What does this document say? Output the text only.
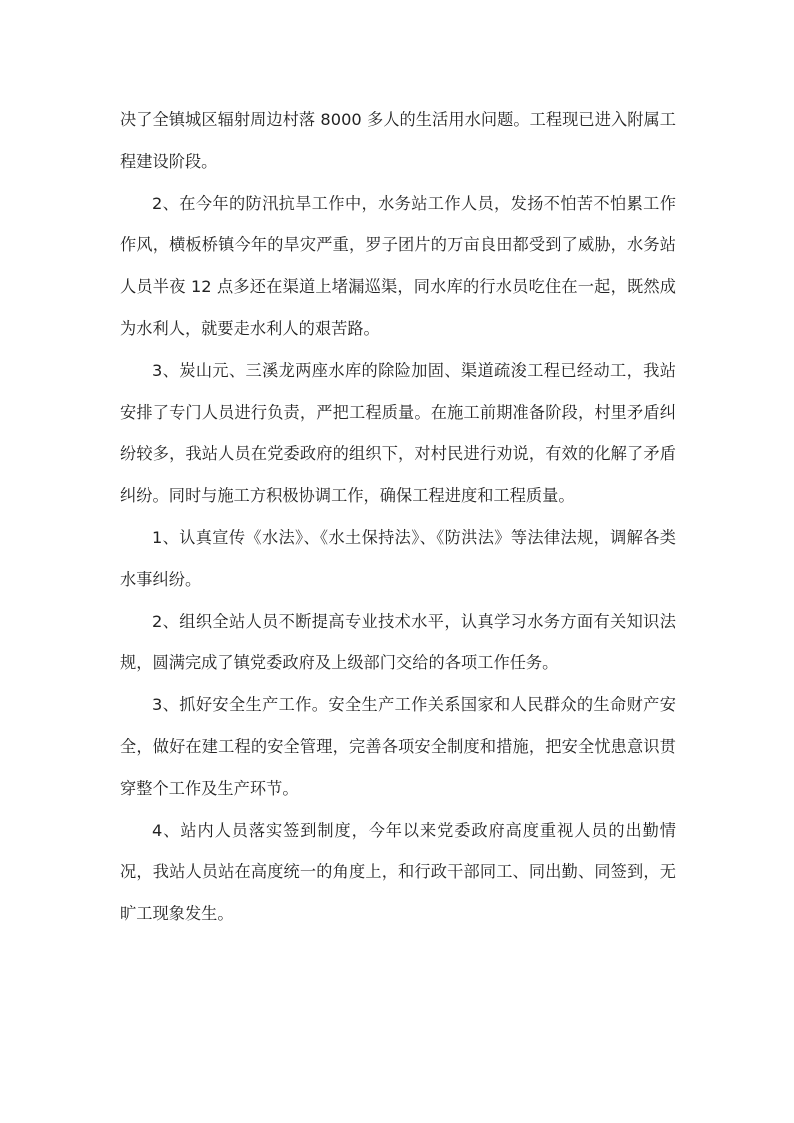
决了全镇城区辐射周边村落 8000 多人的生活用水问题。工程现已进入附属工程建设阶段。

2、在今年的防汛抗旱工作中，水务站工作人员，发扬不怕苦不怕累工作作风，横板桥镇今年的旱灾严重，罗子团片的万亩良田都受到了威胁，水务站人员半夜 12 点多还在渠道上堵漏巡渠，同水库的行水员吃住在一起，既然成为水利人，就要走水利人的艰苦路。

3、炭山元、三溪龙两座水库的除险加固、渠道疏浚工程已经动工，我站安排了专门人员进行负责，严把工程质量。在施工前期准备阶段，村里矛盾纠纷较多，我站人员在党委政府的组织下，对村民进行劝说，有效的化解了矛盾纠纷。同时与施工方积极协调工作，确保工程进度和工程质量。

1、认真宣传《水法》、《水土保持法》、《防洪法》等法律法规，调解各类水事纠纷。

2、组织全站人员不断提高专业技术水平，认真学习水务方面有关知识法规，圆满完成了镇党委政府及上级部门交给的各项工作任务。

3、抓好安全生产工作。安全生产工作关系国家和人民群众的生命财产安全，做好在建工程的安全管理，完善各项安全制度和措施，把安全忧患意识贯穿整个工作及生产环节。

4、站内人员落实签到制度，今年以来党委政府高度重视人员的出勤情况，我站人员站在高度统一的角度上，和行政干部同工、同出勤、同签到，无旷工现象发生。
